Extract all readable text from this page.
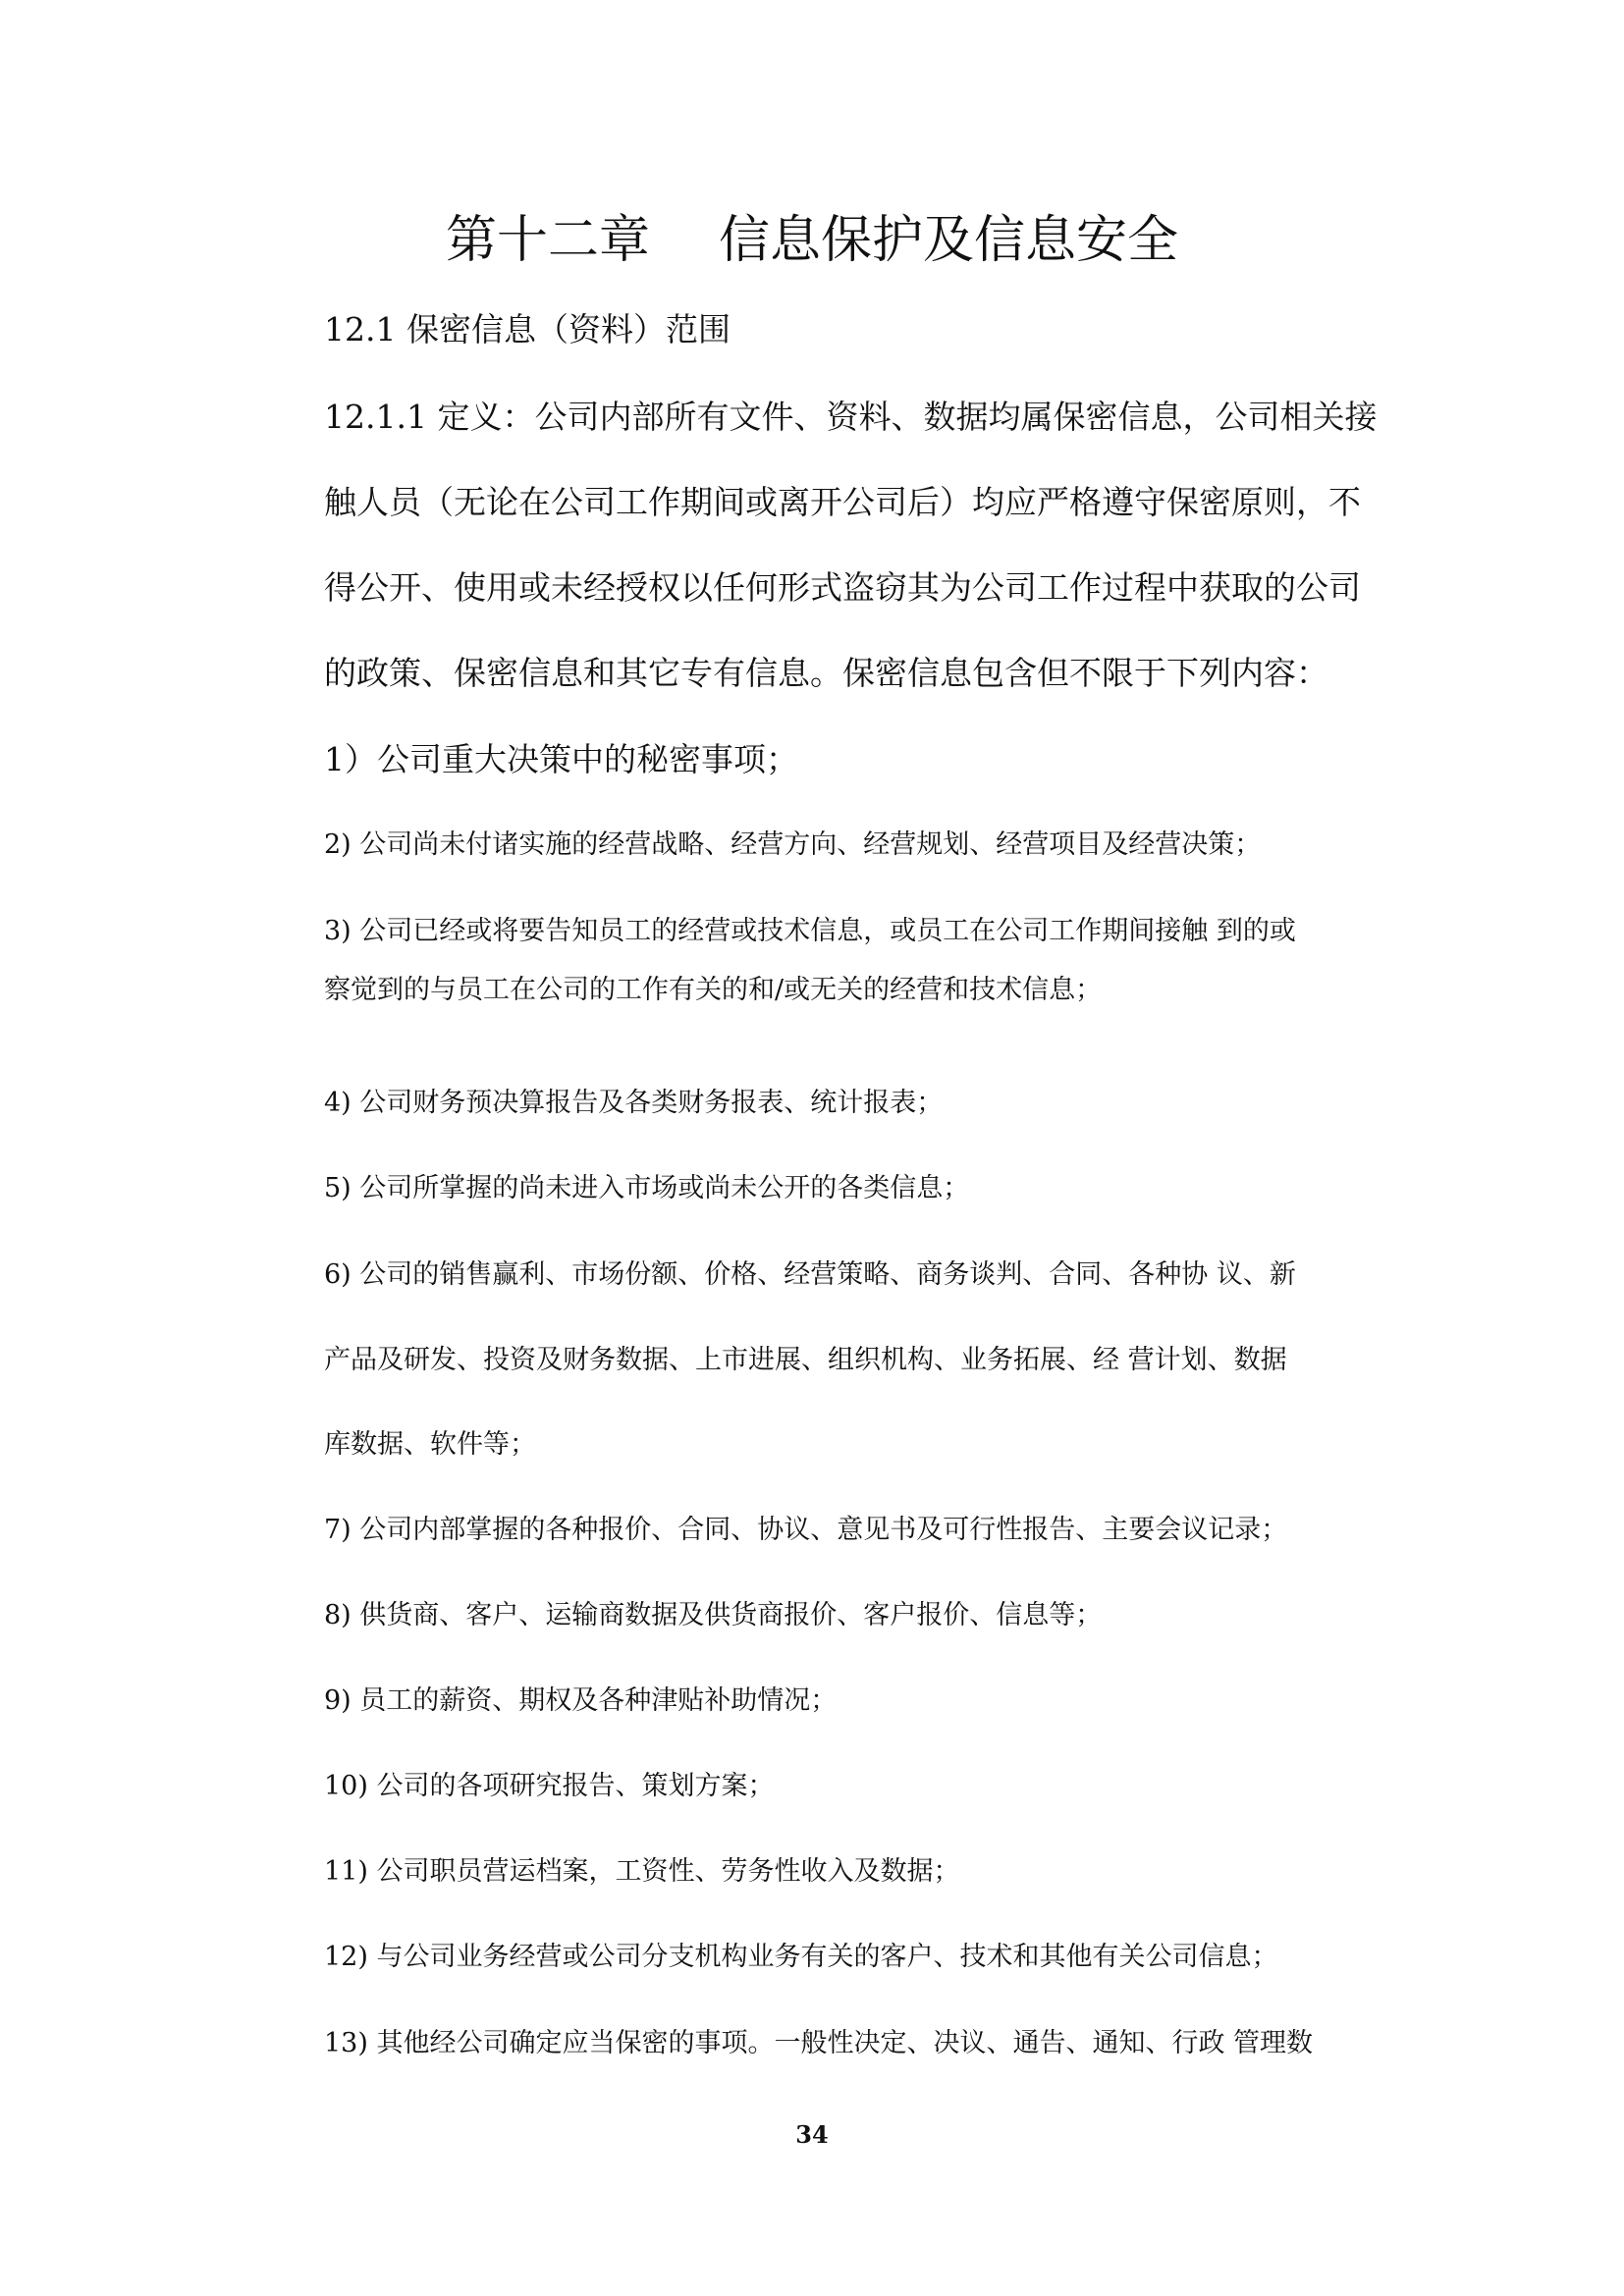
第十二章 信息保护及信息安全
12.1 保密信息（资料）范围
12.1.1 定义：公司内部所有文件、资料、数据均属保密信息，公司相关接
触人员（无论在公司工作期间或离开公司后）均应严格遵守保密原则，不
得公开、使用或未经授权以任何形式盗窃其为公司工作过程中获取的公司
的政策、保密信息和其它专有信息。保密信息包含但不限于下列内容：
1）公司重大决策中的秘密事项；
2) 公司尚未付诸实施的经营战略、经营方向、经营规划、经营项目及经营决策；
3) 公司已经或将要告知员工的经营或技术信息，或员工在公司工作期间接触 到的或
察觉到的与员工在公司的工作有关的和/或无关的经营和技术信息；
4) 公司财务预决算报告及各类财务报表、统计报表；
5) 公司所掌握的尚未进入市场或尚未公开的各类信息；
6) 公司的销售赢利、市场份额、价格、经营策略、商务谈判、合同、各种协 议、新
产品及研发、投资及财务数据、上市进展、组织机构、业务拓展、经 营计划、数据
库数据、软件等；
7) 公司内部掌握的各种报价、合同、协议、意见书及可行性报告、主要会议记录；
8) 供货商、客户、运输商数据及供货商报价、客户报价、信息等；
9) 员工的薪资、期权及各种津贴补助情况；
10) 公司的各项研究报告、策划方案；
11) 公司职员营运档案，工资性、劳务性收入及数据；
12) 与公司业务经营或公司分支机构业务有关的客户、技术和其他有关公司信息；
13) 其他经公司确定应当保密的事项。一般性决定、决议、通告、通知、行政 管理数
34
